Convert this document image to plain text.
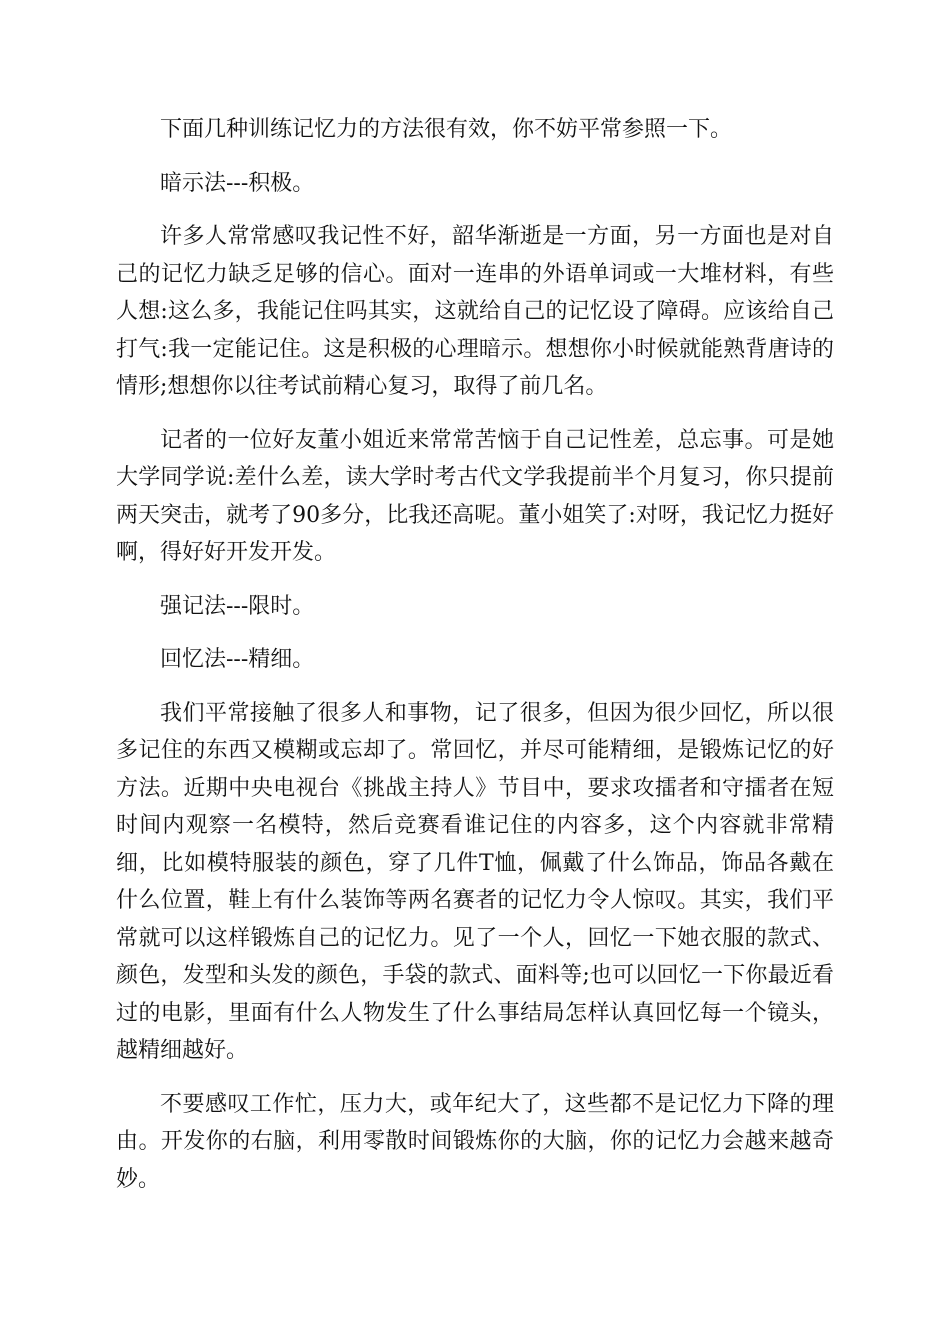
下面几种训练记忆力的方法很有效，你不妨平常参照一下。

暗示法---积极。

许多人常常感叹我记性不好，韶华渐逝是一方面，另一方面也是对自己的记忆力缺乏足够的信心。面对一连串的外语单词或一大堆材料，有些人想:这么多，我能记住吗其实，这就给自己的记忆设了障碍。应该给自己打气:我一定能记住。这是积极的心理暗示。想想你小时候就能熟背唐诗的情形;想想你以往考试前精心复习，取得了前几名。

记者的一位好友董小姐近来常常苦恼于自己记性差，总忘事。可是她大学同学说:差什么差，读大学时考古代文学我提前半个月复习，你只提前两天突击，就考了90多分，比我还高呢。董小姐笑了:对呀，我记忆力挺好啊，得好好开发开发。

强记法---限时。

回忆法---精细。

我们平常接触了很多人和事物，记了很多，但因为很少回忆，所以很多记住的东西又模糊或忘却了。常回忆，并尽可能精细，是锻炼记忆的好方法。近期中央电视台《挑战主持人》节目中，要求攻擂者和守擂者在短时间内观察一名模特，然后竞赛看谁记住的内容多，这个内容就非常精细，比如模特服装的颜色，穿了几件T恤，佩戴了什么饰品，饰品各戴在什么位置，鞋上有什么装饰等两名赛者的记忆力令人惊叹。其实，我们平常就可以这样锻炼自己的记忆力。见了一个人，回忆一下她衣服的款式、颜色，发型和头发的颜色，手袋的款式、面料等;也可以回忆一下你最近看过的电影，里面有什么人物发生了什么事结局怎样认真回忆每一个镜头，越精细越好。

不要感叹工作忙，压力大，或年纪大了，这些都不是记忆力下降的理由。开发你的右脑，利用零散时间锻炼你的大脑，你的记忆力会越来越奇妙。
